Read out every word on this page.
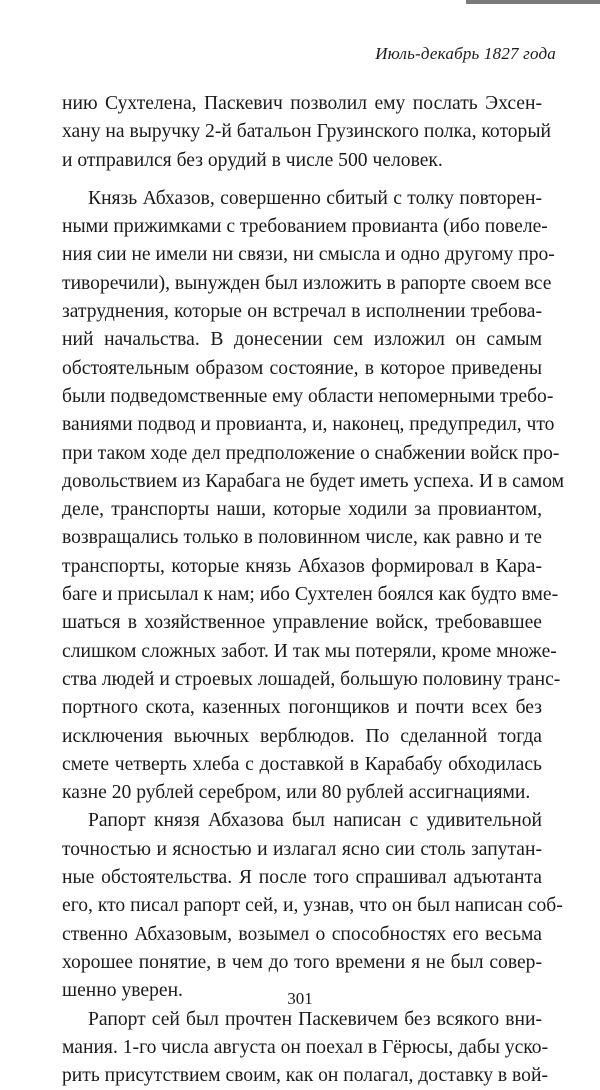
Июль-декабрь 1827 года
нию Сухтелена, Паскевич позволил ему послать Эхсен-
хану на выручку 2-й батальон Грузинского полка, который
и отправился без орудий в числе 500 человек.
Князь Абхазов, совершенно сбитый с толку повторен-
ными прижимками с требованием провианта (ибо повеле-
ния сии не имели ни связи, ни смысла и одно другому про-
тиворечили), вынужден был изложить в рапорте своем все
затруднения, которые он встречал в исполнении требова-
ний начальства. В донесении сем изложил он самым
обстоятельным образом состояние, в которое приведены
были подведомственные ему области непомерными требо-
ваниями подвод и провианта, и, наконец, предупредил, что
при таком ходе дел предположение о снабжении войск про-
довольствием из Карабага не будет иметь успеха. И в самом
деле, транспорты наши, которые ходили за провиантом,
возвращались только в половинном числе, как равно и те
транспорты, которые князь Абхазов формировал в Кара-
баге и присылал к нам; ибо Сухтелен боялся как будто вме-
шаться в хозяйственное управление войск, требовавшее
слишком сложных забот. И так мы потеряли, кроме множе-
ства людей и строевых лошадей, большую половину транс-
портного скота, казенных погонщиков и почти всех без
исключения вьючных верблюдов. По сделанной тогда
смете четверть хлеба с доставкой в Карабабу обходилась
казне 20 рублей серебром, или 80 рублей ассигнациями.
Рапорт князя Абхазова был написан с удивительной
точностью и ясностью и излагал ясно сии столь запутан-
ные обстоятельства. Я после того спрашивал адъютанта
его, кто писал рапорт сей, и, узнав, что он был написан соб-
ственно Абхазовым, возымел о способностях его весьма
хорошее понятие, в чем до того времени я не был совер-
шенно уверен.
Рапорт сей был прочтен Паскевичем без всякого вни-
мания. 1-го числа августа он поехал в Гёрюсы, дабы уско-
рить присутствием своим, как он полагал, доставку в вой-
301
